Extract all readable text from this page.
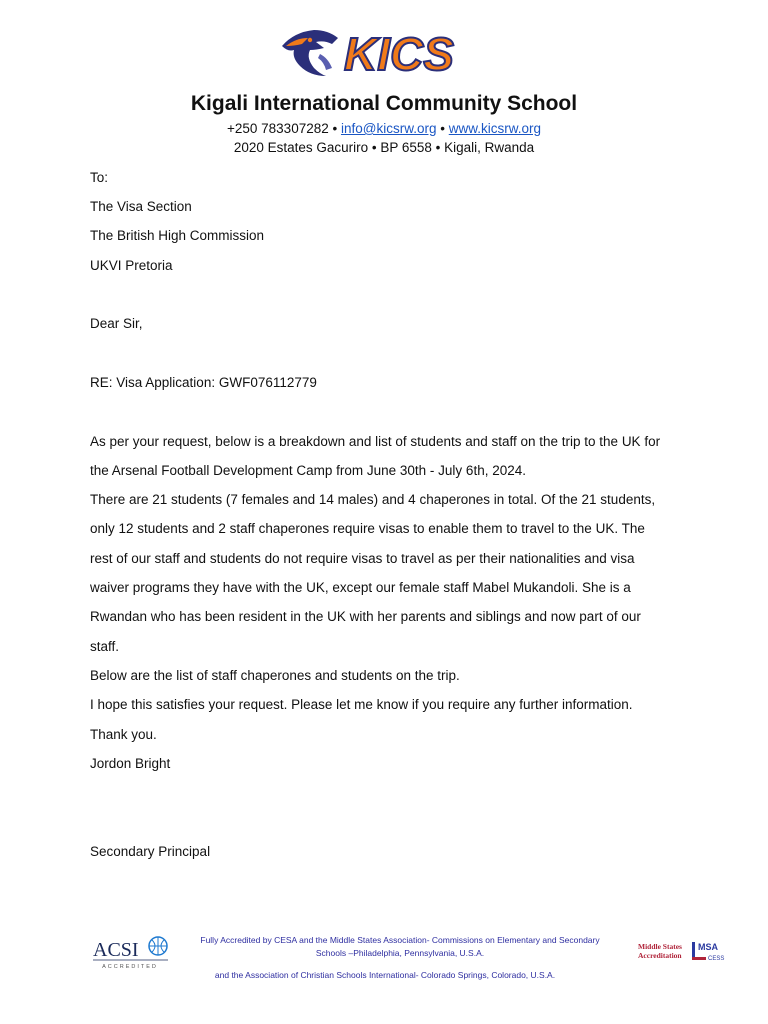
KICS
Kigali International Community School
+250 783307282 • info@kicsrw.org • www.kicsrw.org
2020 Estates Gacuriro • BP 6558 • Kigali, Rwanda
To:
The Visa Section
The British High Commission
UKVI Pretoria
Dear Sir,
RE: Visa Application: GWF076112779
As per your request, below is a breakdown and list of students and staff on the trip to the UK for
the Arsenal Football Development Camp from June 30th - July 6th, 2024.
There are 21 students (7 females and 14 males) and 4 chaperones in total. Of the 21 students,
only 12 students and 2 staff chaperones require visas to enable them to travel to the UK. The
rest of our staff and students do not require visas to travel as per their nationalities and visa
waiver programs they have with the UK, except our female staff Mabel Mukandoli. She is a
Rwandan who has been resident in the UK with her parents and siblings and now part of our
staff.
Below are the list of staff chaperones and students on the trip.
I hope this satisfies your request. Please let me know if you require any further information.
Thank you.
Jordon Bright
Secondary Principal
ACSI
ACCREDITED
Fully Accredited by CESA and the Middle States Association- Commissions on Elementary and Secondary
Schools –Philadelphia, Pennsylvania, U.S.A.
and the Association of Christian Schools International- Colorado Springs, Colorado, U.S.A.
Middle States
Accreditation
MSA
CESS
